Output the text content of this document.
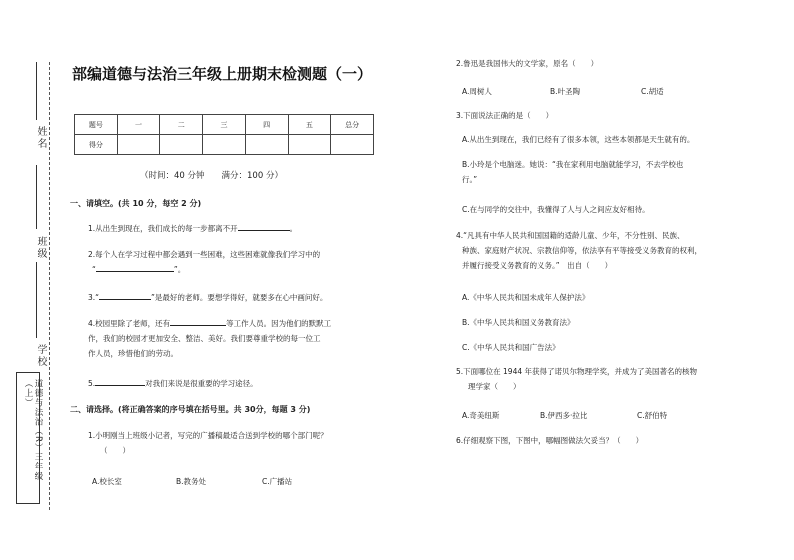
姓名
班级
学校
道德与法治（R）三年级（上）
部编道德与法治三年级上册期末检测题（一）
题号	一	二	三	四	五	总分
得分						
（时间：40 分钟　　满分：100 分）
一、请填空。(共 10 分，每空 2 分)
1.从出生到现在，我们成长的每一步都离不开	。
2.每个人在学习过程中都会遇到一些困难，这些困难就像我们学习中的
“	”。
3.“	”是最好的老师。要想学得好，就要多在心中画问好。
4.校园里除了老师，还有	等工作人员。因为他们的默默工
作，我们的校园才更加安全、整洁、美好。我们要尊重学校的每一位工
作人员，珍惜他们的劳动。
5.	对我们来说是很重要的学习途径。
二、请选择。(将正确答案的序号填在括号里。共 30分，每题 3 分)
1.小明刚当上班级小记者，写完的广播稿最适合送到学校的哪个部门呢？
（　　）
A.校长室	B.教务处	C.广播站
2.鲁迅是我国伟大的文学家，原名（　　）
A.周树人	B.叶圣陶	C.胡适
3.下面说法正确的是（　　）
A.从出生到现在，我们已经有了很多本领，这些本领都是天生就有的。
B.小玲是个电脑迷。她说：“我在家利用电脑就能学习，不去学校也
行。”
C.在与同学的交往中，我懂得了人与人之间应友好相待。
4.“凡具有中华人民共和国国籍的适龄儿童、少年，不分性别、民族、
种族、家庭财产状况、宗教信仰等，依法享有平等接受义务教育的权利，
并履行接受义务教育的义务。”　出自（　　）
A.《中华人民共和国未成年人保护法》
B.《中华人民共和国义务教育法》
C.《中华人民共和国广告法》
5.下面哪位在 1944 年获得了诺贝尔物理学奖，并成为了美国著名的核物
理学家（　　）
A.奇美纽斯	B.伊西多·拉比	C.舒伯特
6.仔细观察下图，下图中，哪幅图做法欠妥当？（　　）
